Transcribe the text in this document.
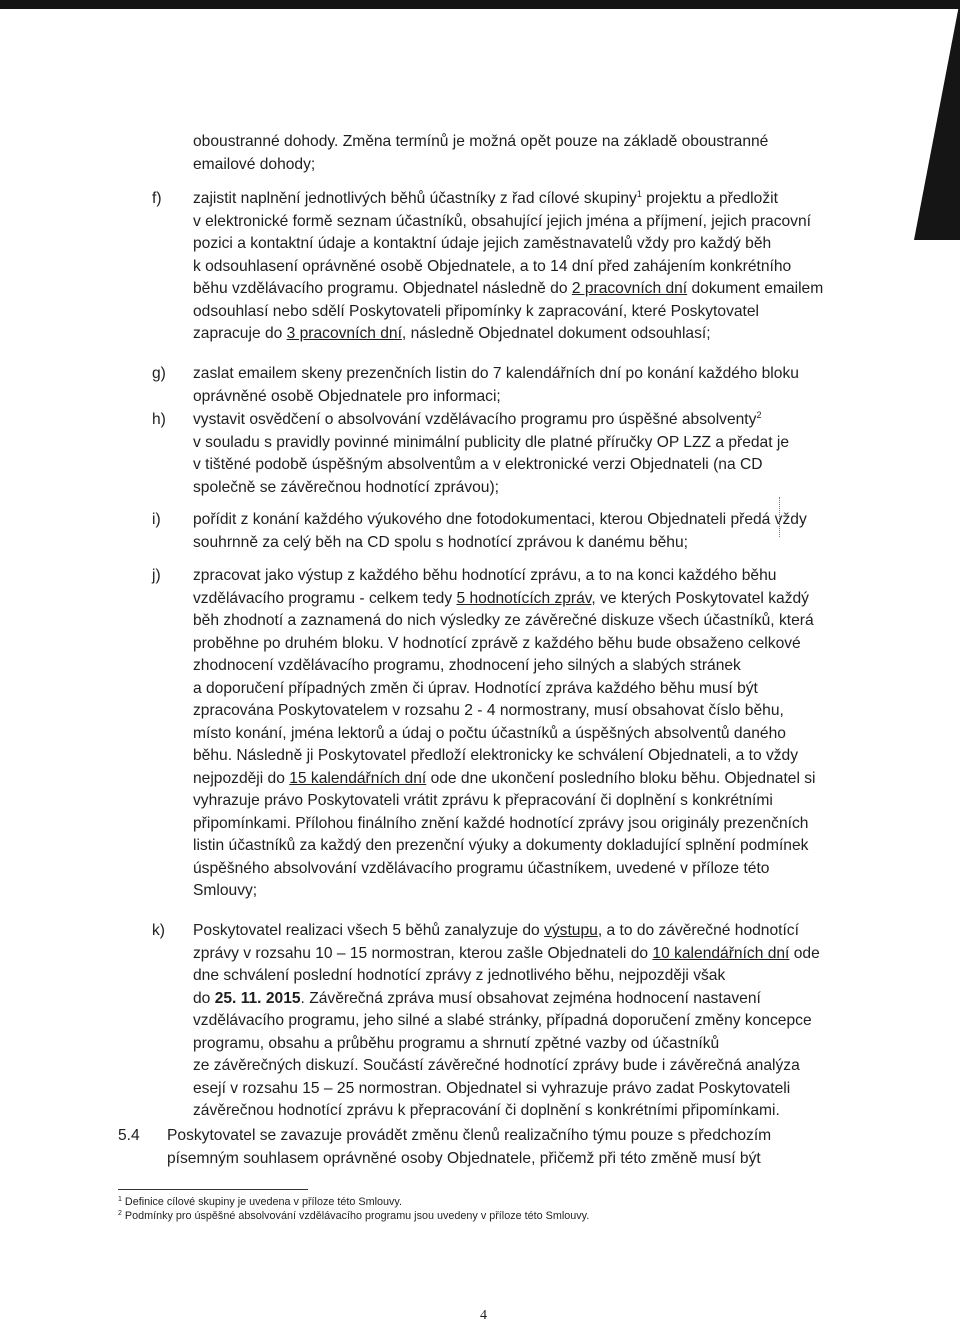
oboustranné dohody. Změna termínů je možná opět pouze na základě oboustranné
emailové dohody;
f) zajistit naplnění jednotlivých běhů účastníky z řad cílové skupiny$^1$ projektu a předložit
v elektronické formě seznam účastníků, obsahující jejich jména a příjmení, jejich pracovní
pozici a kontaktní údaje a kontaktní údaje jejich zaměstnavatelů vždy pro každý běh
k odsouhlasení oprávněné osobě Objednatele, a to 14 dní před zahájením konkrétního
běhu vzdělávacího programu. Objednatel následně do 2 pracovních dní dokument emailem
odsouhlasí nebo sdělí Poskytovateli připomínky k zapracování, které Poskytovatel
zapracuje do 3 pracovních dní, následně Objednatel dokument odsouhlasí;
g) zaslat emailem skeny prezenčních listin do 7 kalendářních dní po konání každého bloku
oprávněné osobě Objednatele pro informaci;
h) vystavit osvědčení o absolvování vzdělávacího programu pro úspěšné absolventy$^2$
v souladu s pravidly povinné minimální publicity dle platné příručky OP LZZ a předat je
v tištěné podobě úspěšným absolventům a v elektronické verzi Objednateli (na CD
společně se závěrečnou hodnotící zprávou);
i) pořídit z konání každého výukového dne fotodokumentaci, kterou Objednateli předá vždy
souhrnně za celý běh na CD spolu s hodnotící zprávou k danému běhu;
j) zpracovat jako výstup z každého běhu hodnotící zprávu, a to na konci každého běhu
vzdělávacího programu - celkem tedy 5 hodnotících zpráv, ve kterých Poskytovatel každý
běh zhodnotí a zaznamená do nich výsledky ze závěrečné diskuze všech účastníků, která
proběhne po druhém bloku. V hodnotící zprávě z každého běhu bude obsaženo celkové
zhodnocení vzdělávacího programu, zhodnocení jeho silných a slabých stránek
a doporučení případných změn či úprav. Hodnotící zpráva každého běhu musí být
zpracována Poskytovatelem v rozsahu 2 - 4 normostrany, musí obsahovat číslo běhu,
místo konání, jména lektorů a údaj o počtu účastníků a úspěšných absolventů daného
běhu. Následně ji Poskytovatel předloží elektronicky ke schválení Objednateli, a to vždy
nejpozději do 15 kalendářních dní ode dne ukončení posledního bloku běhu. Objednatel si
vyhrazuje právo Poskytovateli vrátit zprávu k přepracování či doplnění s konkrétními
připomínkami. Přílohou finálního znění každé hodnotící zprávy jsou originály prezenčních
listin účastníků za každý den prezenční výuky a dokumenty dokladující splnění podmínek
úspěšného absolvování vzdělávacího programu účastníkem, uvedené v příloze této
Smlouvy;
k) Poskytovatel realizaci všech 5 běhů zanalyzuje do výstupu, a to do závěrečné hodnotící
zprávy v rozsahu 10 – 15 normostran, kterou zašle Objednateli do 10 kalendářních dní ode
dne schválení poslední hodnotící zprávy z jednotlivého běhu, nejpozději však
do 25. 11. 2015. Závěrečná zpráva musí obsahovat zejména hodnocení nastavení
vzdělávacího programu, jeho silné a slabé stránky, případná doporučení změny koncepce
programu, obsahu a průběhu programu a shrnutí zpětné vazby od účastníků
ze závěrečných diskuzí. Součástí závěrečné hodnotící zprávy bude i závěrečná analýza
esejí v rozsahu 15 – 25 normostran. Objednatel si vyhrazuje právo zadat Poskytovateli
závěrečnou hodnotící zprávu k přepracování či doplnění s konkrétními připomínkami.
5.4 Poskytovatel se zavazuje provádět změnu členů realizačního týmu pouze s předchozím
písemným souhlasem oprávněné osoby Objednatele, přičemž při této změně musí být
$^1$ Definice cílové skupiny je uvedena v příloze této Smlouvy.
$^2$ Podmínky pro úspěšné absolvování vzdělávacího programu jsou uvedeny v příloze této Smlouvy.
4
